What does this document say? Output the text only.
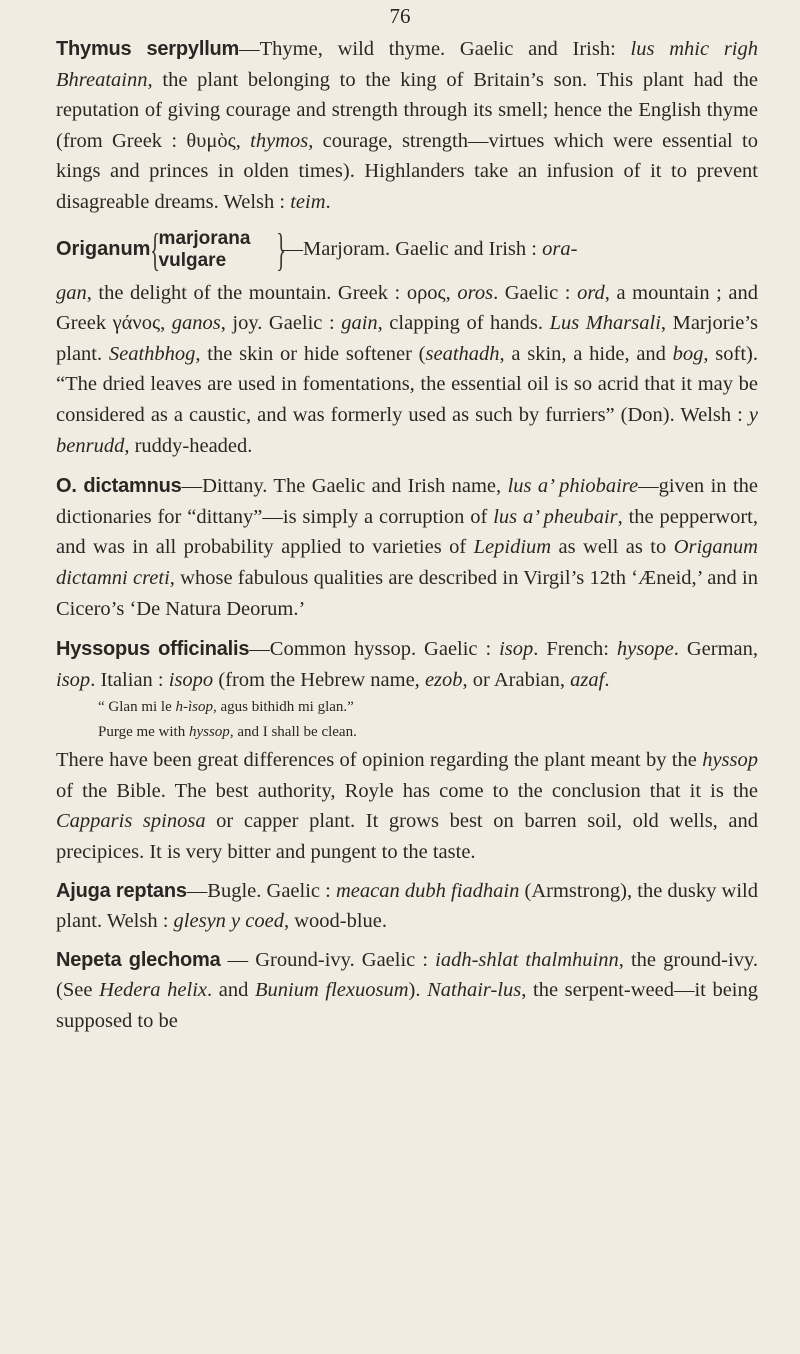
76

Thymus serpyllum—Thyme, wild thyme. Gaelic and Irish: lus mhic righ Bhreatainn, the plant belonging to the king of Britain’s son. This plant had the reputation of giving courage and strength through its smell; hence the English thyme (from Greek : θυμὸς, thymos, courage, strength—virtues which were essential to kings and princes in olden times). Highlanders take an infusion of it to prevent disagreable dreams. Welsh : teim.

Origanum {
marjorana
vulgare	}
—Marjoram. Gaelic and Irish : ora-

gan, the delight of the mountain. Greek : ορος, oros. Gaelic : ord, a mountain ; and Greek γάνος, ganos, joy. Gaelic : gain, clapping of hands. Lus Mharsali, Marjorie’s plant. Seathbhog, the skin or hide softener (seathadh, a skin, a hide, and bog, soft). “The dried leaves are used in fomentations, the essential oil is so acrid that it may be considered as a caustic, and was formerly used as such by furriers” (Don). Welsh : y benrudd, ruddy-headed.

O. dictamnus—Dittany. The Gaelic and Irish name, lus a’ phiobaire—given in the dictionaries for “dittany”—is simply a corruption of lus a’ pheubair, the pepperwort, and was in all probability applied to varieties of Lepidium as well as to Origanum dictamni creti, whose fabulous qualities are described in Virgil’s 12th ‘Æneid,’ and in Cicero’s ‘De Natura Deorum.’

Hyssopus officinalis—Common hyssop. Gaelic : isop. French: hysope. German, isop. Italian : isopo (from the Hebrew name, ezob, or Arabian, azaf.

“ Glan mi le h-ìsop, agus bithidh mi glan.”
Purge me with hyssop, and I shall be clean.

There have been great differences of opinion regarding the plant meant by the hyssop of the Bible. The best authority, Royle has come to the conclusion that it is the Capparis spinosa or capper plant. It grows best on barren soil, old wells, and precipices. It is very bitter and pungent to the taste.

Ajuga reptans—Bugle. Gaelic : meacan dubh fiadhain (Armstrong), the dusky wild plant. Welsh : glesyn y coed, wood-blue.

Nepeta glechoma — Ground-ivy. Gaelic : iadh-shlat thalmhuinn, the ground-ivy. (See Hedera helix. and Bunium flexuosum). Nathair-lus, the serpent-weed—it being supposed to be
